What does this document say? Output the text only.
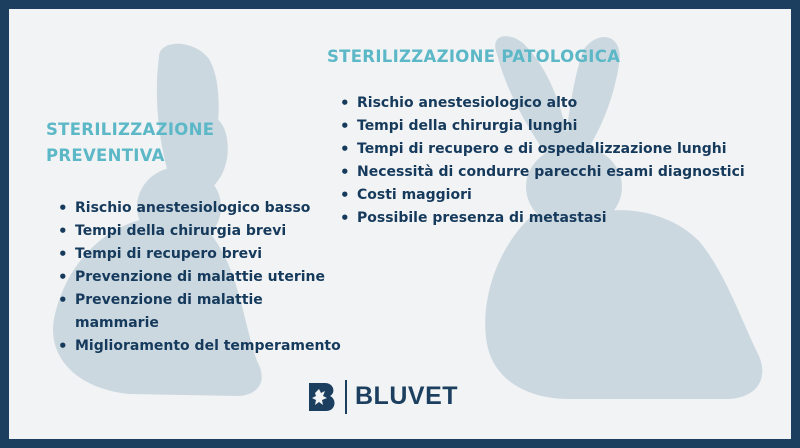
STERILIZZAZIONE
PREVENTIVA
• Rischio anestesiologico basso
• Tempi della chirurgia brevi
• Tempi di recupero brevi
• Prevenzione di malattie uterine
• Prevenzione di malattie mammarie
• Miglioramento del temperamento
STERILIZZAZIONE PATOLOGICA
• Rischio anestesiologico alto
• Tempi della chirurgia lunghi
• Tempi di recupero e di ospedalizzazione lunghi
• Necessità di condurre parecchi esami diagnostici
• Costi maggiori
• Possibile presenza di metastasi
BLUVET
